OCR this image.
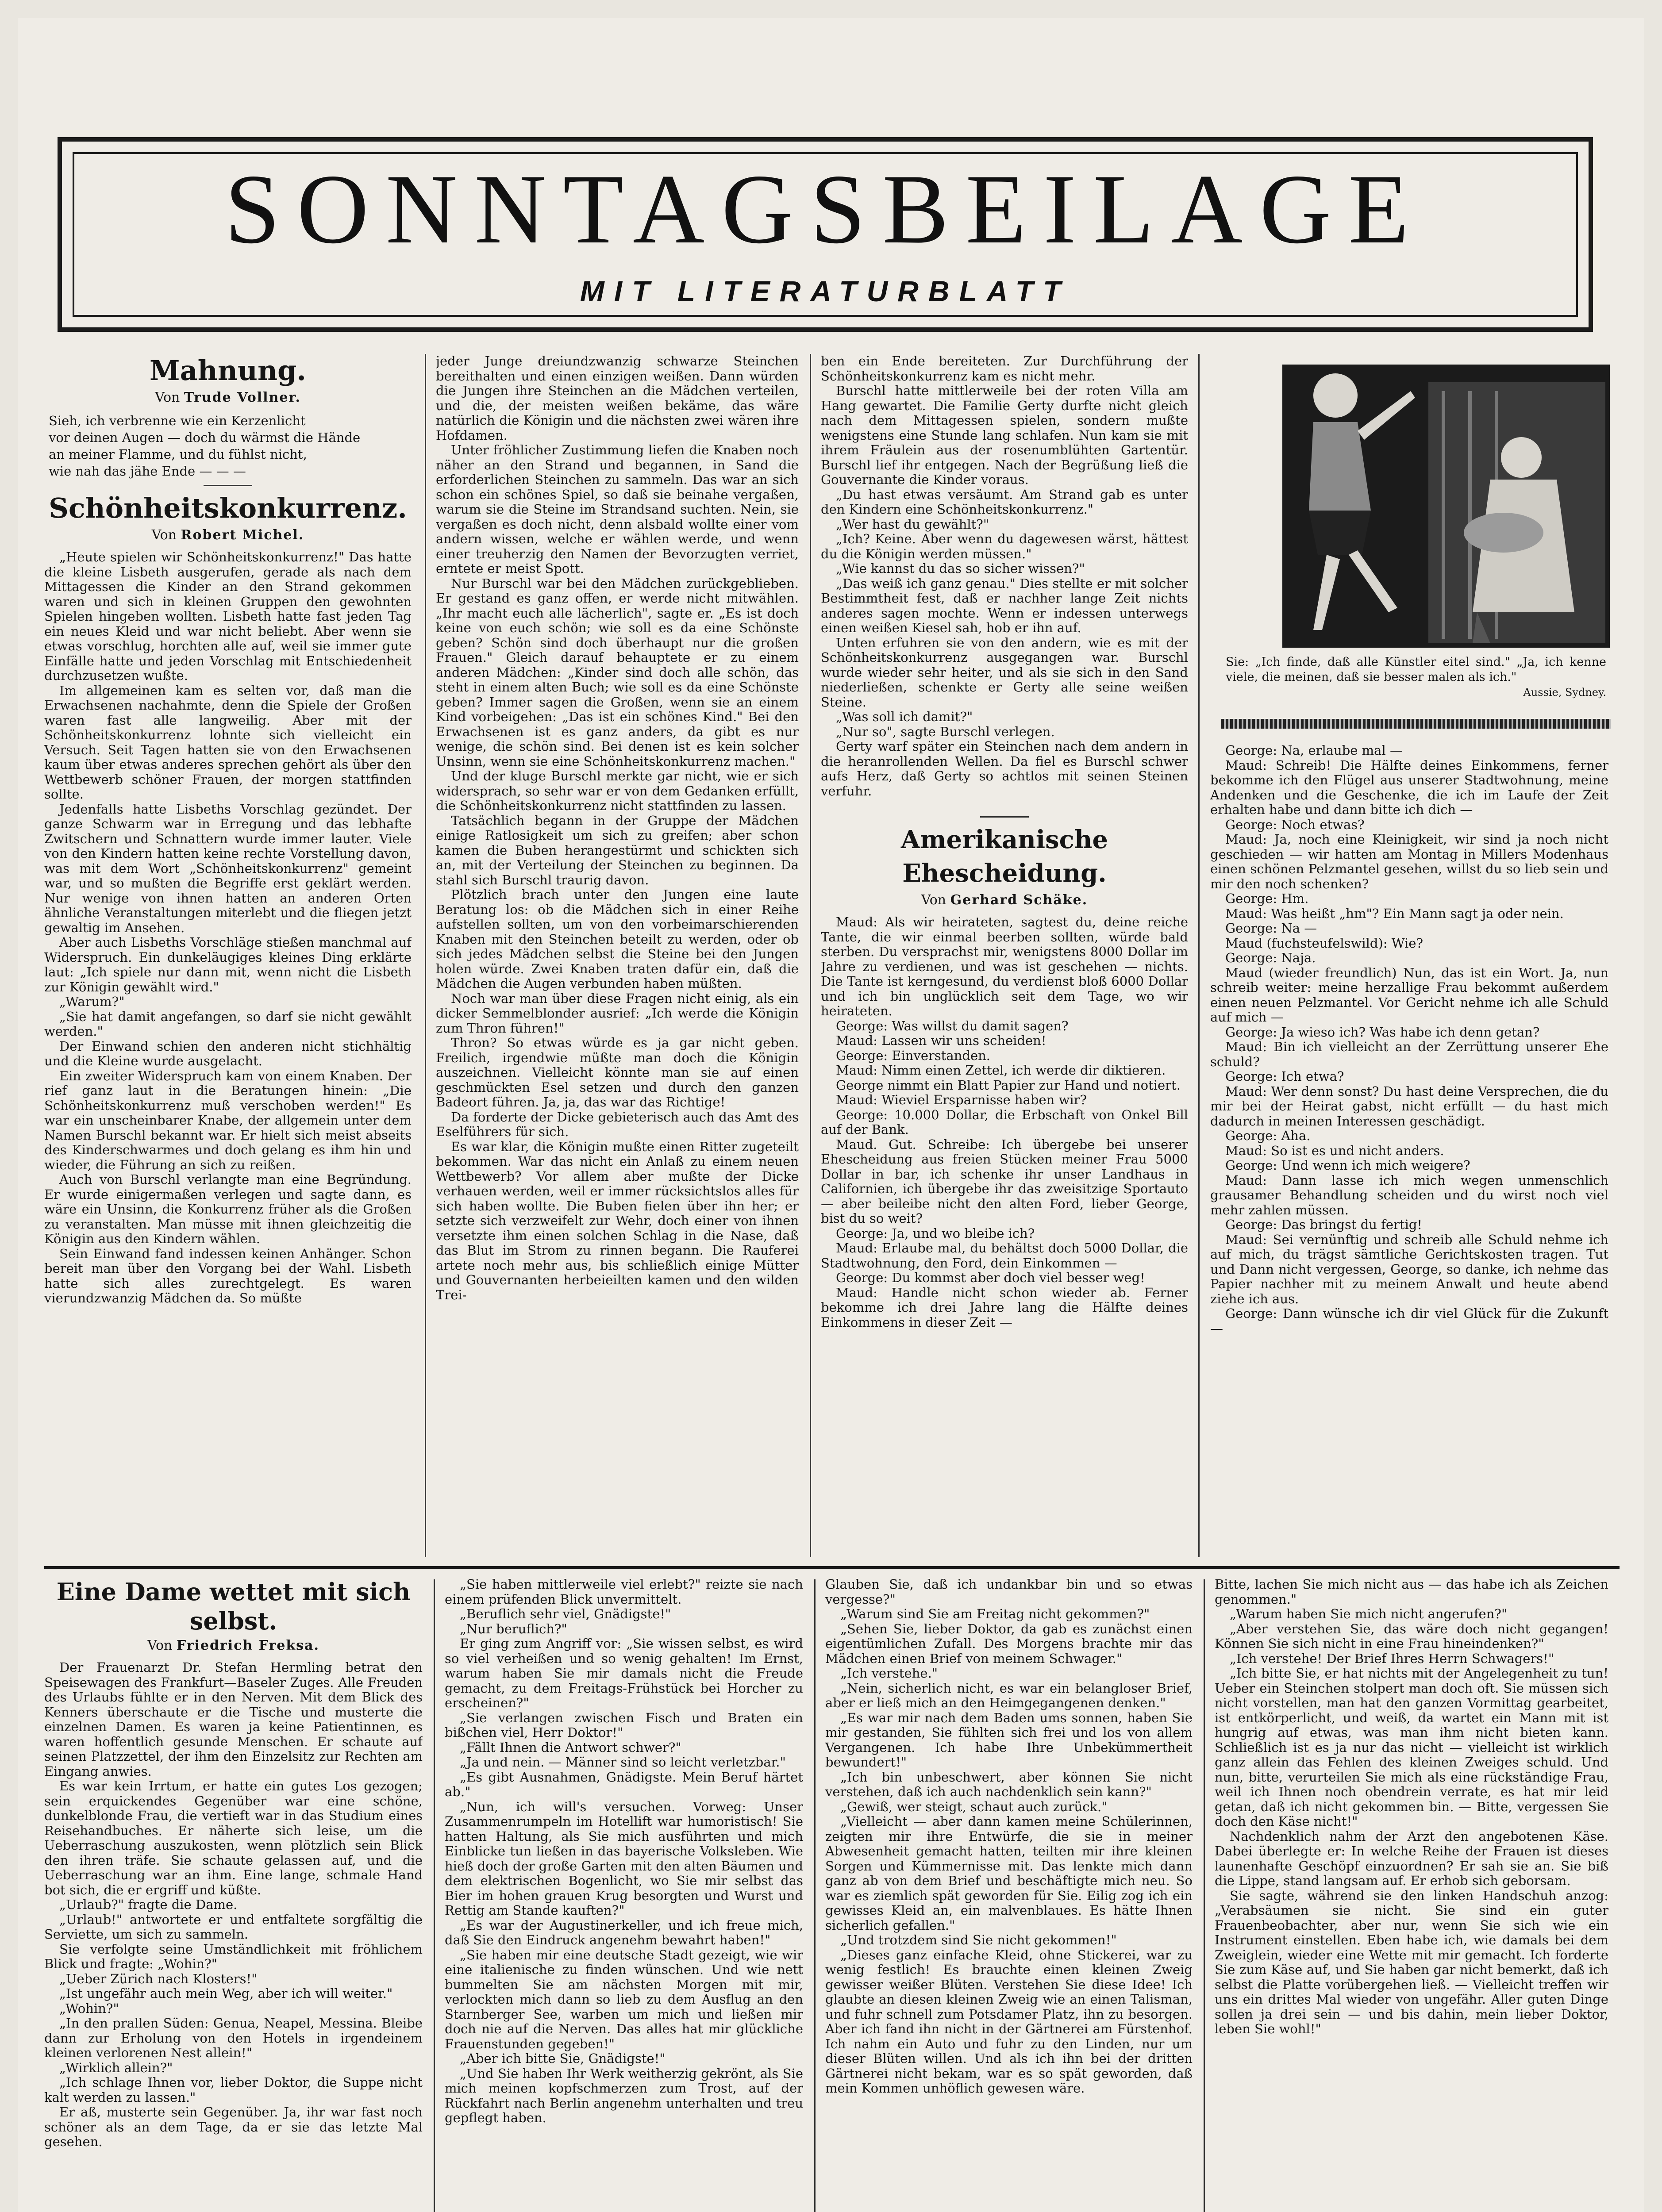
SONNTAGSBEILAGE
MIT LITERATURBLATT
Mahnung.
Von Trude Vollner.
Sieh, ich verbrenne wie ein Kerzenlicht
vor deinen Augen — doch du wärmst die Hände
an meiner Flamme, und du fühlst nicht,
wie nah das jähe Ende — — —
Schönheitskonkurrenz.
Von Robert Michel.

„Heute spielen wir Schönheitskonkurrenz!" Das hatte die kleine Lisbeth ausgerufen, gerade als nach dem Mittagessen die Kinder an den Strand gekommen waren und sich in kleinen Gruppen den gewohnten Spielen hingeben wollten. Lisbeth hatte fast jeden Tag ein neues Kleid und war nicht beliebt. Aber wenn sie etwas vorschlug, horchten alle auf, weil sie immer gute Einfälle hatte und jeden Vorschlag mit Entschiedenheit durchzusetzen wußte.

Im allgemeinen kam es selten vor, daß man die Erwachsenen nachahmte, denn die Spiele der Großen waren fast alle langweilig. Aber mit der Schönheitskonkurrenz lohnte sich vielleicht ein Versuch. Seit Tagen hatten sie von den Erwachsenen kaum über etwas anderes sprechen gehört als über den Wettbewerb schöner Frauen, der morgen stattfinden sollte.

Jedenfalls hatte Lisbeths Vorschlag gezündet. Der ganze Schwarm war in Erregung und das lebhafte Zwitschern und Schnattern wurde immer lauter. Viele von den Kindern hatten keine rechte Vorstellung davon, was mit dem Wort „Schönheitskonkurrenz" gemeint war, und so mußten die Begriffe erst geklärt werden. Nur wenige von ihnen hatten an anderen Orten ähnliche Veranstaltungen miterlebt und die fliegen jetzt gewaltig im Ansehen.

Aber auch Lisbeths Vorschläge stießen manchmal auf Widerspruch. Ein dunkeläugiges kleines Ding erklärte laut: „Ich spiele nur dann mit, wenn nicht die Lisbeth zur Königin gewählt wird."

„Warum?"

„Sie hat damit angefangen, so darf sie nicht gewählt werden."

Der Einwand schien den anderen nicht stichhältig und die Kleine wurde ausgelacht.

Ein zweiter Widerspruch kam von einem Knaben. Der rief ganz laut in die Beratungen hinein: „Die Schönheitskonkurrenz muß verschoben werden!" Es war ein unscheinbarer Knabe, der allgemein unter dem Namen Burschl bekannt war. Er hielt sich meist abseits des Kinderschwarmes und doch gelang es ihm hin und wieder, die Führung an sich zu reißen.

Auch von Burschl verlangte man eine Begründung. Er wurde einigermaßen verlegen und sagte dann, es wäre ein Unsinn, die Konkurrenz früher als die Großen zu veranstalten. Man müsse mit ihnen gleichzeitig die Königin aus den Kindern wählen.

Sein Einwand fand indessen keinen Anhänger. Schon bereit man über den Vorgang bei der Wahl. Lisbeth hatte sich alles zurechtgelegt. Es waren vierundzwanzig Mädchen da. So müßte

jeder Junge dreiundzwanzig schwarze Steinchen bereithalten und einen einzigen weißen. Dann würden die Jungen ihre Steinchen an die Mädchen verteilen, und die, der meisten weißen bekäme, das wäre natürlich die Königin und die nächsten zwei wären ihre Hofdamen.

Unter fröhlicher Zustimmung liefen die Knaben noch näher an den Strand und begannen, in Sand die erforderlichen Steinchen zu sammeln. Das war an sich schon ein schönes Spiel, so daß sie beinahe vergaßen, warum sie die Steine im Strandsand suchten. Nein, sie vergaßen es doch nicht, denn alsbald wollte einer vom andern wissen, welche er wählen werde, und wenn einer treuherzig den Namen der Bevorzugten verriet, erntete er meist Spott.

Nur Burschl war bei den Mädchen zurückgeblieben. Er gestand es ganz offen, er werde nicht mitwählen. „Ihr macht euch alle lächerlich", sagte er. „Es ist doch keine von euch schön; wie soll es da eine Schönste geben? Schön sind doch überhaupt nur die großen Frauen." Gleich darauf behauptete er zu einem anderen Mädchen: „Kinder sind doch alle schön, das steht in einem alten Buch; wie soll es da eine Schönste geben? Immer sagen die Großen, wenn sie an einem Kind vorbeigehen: „Das ist ein schönes Kind." Bei den Erwachsenen ist es ganz anders, da gibt es nur wenige, die schön sind. Bei denen ist es kein solcher Unsinn, wenn sie eine Schönheitskonkurrenz machen."

Und der kluge Burschl merkte gar nicht, wie er sich widersprach, so sehr war er von dem Gedanken erfüllt, die Schönheitskonkurrenz nicht stattfinden zu lassen.

Tatsächlich begann in der Gruppe der Mädchen einige Ratlosigkeit um sich zu greifen; aber schon kamen die Buben herangestürmt und schickten sich an, mit der Verteilung der Steinchen zu beginnen. Da stahl sich Burschl traurig davon.

Plötzlich brach unter den Jungen eine laute Beratung los: ob die Mädchen sich in einer Reihe aufstellen sollten, um von den vorbeimarschierenden Knaben mit den Steinchen beteilt zu werden, oder ob sich jedes Mädchen selbst die Steine bei den Jungen holen würde. Zwei Knaben traten dafür ein, daß die Mädchen die Augen verbunden haben müßten.

Noch war man über diese Fragen nicht einig, als ein dicker Semmelblonder ausrief: „Ich werde die Königin zum Thron führen!"

Thron? So etwas würde es ja gar nicht geben. Freilich, irgendwie müßte man doch die Königin auszeichnen. Vielleicht könnte man sie auf einen geschmückten Esel setzen und durch den ganzen Badeort führen. Ja, ja, das war das Richtige!

Da forderte der Dicke gebieterisch auch das Amt des Eselführers für sich.

Es war klar, die Königin mußte einen Ritter zugeteilt bekommen. War das nicht ein Anlaß zu einem neuen Wettbewerb? Vor allem aber mußte der Dicke verhauen werden, weil er immer rücksichtslos alles für sich haben wollte. Die Buben fielen über ihn her; er setzte sich verzweifelt zur Wehr, doch einer von ihnen versetzte ihm einen solchen Schlag in die Nase, daß das Blut im Strom zu rinnen begann. Die Rauferei artete noch mehr aus, bis schließlich einige Mütter und Gouvernanten herbeieilten kamen und den wilden Trei-

ben ein Ende bereiteten. Zur Durchführung der Schönheitskonkurrenz kam es nicht mehr.

Burschl hatte mittlerweile bei der roten Villa am Hang gewartet. Die Familie Gerty durfte nicht gleich nach dem Mittagessen spielen, sondern mußte wenigstens eine Stunde lang schlafen. Nun kam sie mit ihrem Fräulein aus der rosenumblühten Gartentür. Burschl lief ihr entgegen. Nach der Begrüßung ließ die Gouvernante die Kinder voraus.

„Du hast etwas versäumt. Am Strand gab es unter den Kindern eine Schönheitskonkurrenz."

„Wer hast du gewählt?"

„Ich? Keine. Aber wenn du dagewesen wärst, hättest du die Königin werden müssen."

„Wie kannst du das so sicher wissen?"

„Das weiß ich ganz genau." Dies stellte er mit solcher Bestimmtheit fest, daß er nachher lange Zeit nichts anderes sagen mochte. Wenn er indessen unterwegs einen weißen Kiesel sah, hob er ihn auf.

Unten erfuhren sie von den andern, wie es mit der Schönheitskonkurrenz ausgegangen war. Burschl wurde wieder sehr heiter, und als sie sich in den Sand niederließen, schenkte er Gerty alle seine weißen Steine.

„Was soll ich damit?"

„Nur so", sagte Burschl verlegen.

Gerty warf später ein Steinchen nach dem andern in die heranrollenden Wellen. Da fiel es Burschl schwer aufs Herz, daß Gerty so achtlos mit seinen Steinen verfuhr.

Amerikanische Ehescheidung.
Von Gerhard Schäke.

Maud: Als wir heirateten, sagtest du, deine reiche Tante, die wir einmal beerben sollten, würde bald sterben. Du versprachst mir, wenigstens 8000 Dollar im Jahre zu verdienen, und was ist geschehen — nichts. Die Tante ist kerngesund, du verdienst bloß 6000 Dollar und ich bin unglücklich seit dem Tage, wo wir heirateten.

George: Was willst du damit sagen?

Maud: Lassen wir uns scheiden!

George: Einverstanden.

Maud: Nimm einen Zettel, ich werde dir diktieren.

George nimmt ein Blatt Papier zur Hand und notiert.

Maud: Wieviel Ersparnisse haben wir?

George: 10.000 Dollar, die Erbschaft von Onkel Bill auf der Bank.

Maud. Gut. Schreibe: Ich übergebe bei unserer Ehescheidung aus freien Stücken meiner Frau 5000 Dollar in bar, ich schenke ihr unser Landhaus in Californien, ich übergebe ihr das zweisitzige Sportauto — aber beileibe nicht den alten Ford, lieber George, bist du so weit?

George: Ja, und wo bleibe ich?

Maud: Erlaube mal, du behältst doch 5000 Dollar, die Stadtwohnung, den Ford, dein Einkommen —

George: Du kommst aber doch viel besser weg!

Maud: Handle nicht schon wieder ab. Ferner bekomme ich drei Jahre lang die Hälfte deines Einkommens in dieser Zeit —

Sie: „Ich finde, daß alle Künstler eitel sind." „Ja, ich kenne viele, die meinen, daß sie besser malen als ich."
Aussie, Sydney.

George: Na, erlaube mal —

Maud: Schreib! Die Hälfte deines Einkommens, ferner bekomme ich den Flügel aus unserer Stadtwohnung, meine Andenken und die Geschenke, die ich im Laufe der Zeit erhalten habe und dann bitte ich dich —

George: Noch etwas?

Maud: Ja, noch eine Kleinigkeit, wir sind ja noch nicht geschieden — wir hatten am Montag in Millers Modenhaus einen schönen Pelzmantel gesehen, willst du so lieb sein und mir den noch schenken?

George: Hm.

Maud: Was heißt „hm"? Ein Mann sagt ja oder nein.

George: Na —

Maud (fuchsteufelswild): Wie?

George: Naja.

Maud (wieder freundlich) Nun, das ist ein Wort. Ja, nun schreib weiter: meine herzallige Frau bekommt außerdem einen neuen Pelzmantel. Vor Gericht nehme ich alle Schuld auf mich —

George: Ja wieso ich? Was habe ich denn getan?

Maud: Bin ich vielleicht an der Zerrüttung unserer Ehe schuld?

George: Ich etwa?

Maud: Wer denn sonst? Du hast deine Versprechen, die du mir bei der Heirat gabst, nicht erfüllt — du hast mich dadurch in meinen Interessen geschädigt.

George: Aha.

Maud: So ist es und nicht anders.

George: Und wenn ich mich weigere?

Maud: Dann lasse ich mich wegen unmenschlich grausamer Behandlung scheiden und du wirst noch viel mehr zahlen müssen.

George: Das bringst du fertig!

Maud: Sei vernünftig und schreib alle Schuld nehme ich auf mich, du trägst sämtliche Gerichtskosten tragen. Tut und Dann nicht vergessen, George, so danke, ich nehme das Papier nachher mit zu meinem Anwalt und heute abend ziehe ich aus.

George: Dann wünsche ich dir viel Glück für die Zukunft —

Eine Dame wettet mit sich selbst.
Von Friedrich Freksa.

Der Frauenarzt Dr. Stefan Hermling betrat den Speisewagen des Frankfurt—Baseler Zuges. Alle Freuden des Urlaubs fühlte er in den Nerven. Mit dem Blick des Kenners überschaute er die Tische und musterte die einzelnen Damen. Es waren ja keine Patientinnen, es waren hoffentlich gesunde Menschen. Er schaute auf seinen Platzzettel, der ihm den Einzelsitz zur Rechten am Eingang anwies.

Es war kein Irrtum, er hatte ein gutes Los gezogen; sein erquickendes Gegenüber war eine schöne, dunkelblonde Frau, die vertieft war in das Studium eines Reisehandbuches. Er näherte sich leise, um die Ueberraschung auszukosten, wenn plötzlich sein Blick den ihren träfe. Sie schaute gelassen auf, und die Ueberraschung war an ihm. Eine lange, schmale Hand bot sich, die er ergriff und küßte.

„Urlaub?" fragte die Dame.

„Urlaub!" antwortete er und entfaltete sorgfältig die Serviette, um sich zu sammeln.

Sie verfolgte seine Umständlichkeit mit fröhlichem Blick und fragte: „Wohin?"

„Ueber Zürich nach Klosters!"

„Ist ungefähr auch mein Weg, aber ich will weiter."

„Wohin?"

„In den prallen Süden: Genua, Neapel, Messina. Bleibe dann zur Erholung von den Hotels in irgendeinem kleinen verlorenen Nest allein!"

„Wirklich allein?"

„Ich schlage Ihnen vor, lieber Doktor, die Suppe nicht kalt werden zu lassen."

Er aß, musterte sein Gegenüber. Ja, ihr war fast noch schöner als an dem Tage, da er sie das letzte Mal gesehen.

„Sie haben mittlerweile viel erlebt?" reizte sie nach einem prüfenden Blick unvermittelt.

„Beruflich sehr viel, Gnädigste!"

„Nur beruflich?"

Er ging zum Angriff vor: „Sie wissen selbst, es wird so viel verheißen und so wenig gehalten! Im Ernst, warum haben Sie mir damals nicht die Freude gemacht, zu dem Freitags-Frühstück bei Horcher zu erscheinen?"

„Sie verlangen zwischen Fisch und Braten ein bißchen viel, Herr Doktor!"

„Fällt Ihnen die Antwort schwer?"

„Ja und nein. — Männer sind so leicht verletzbar."

„Es gibt Ausnahmen, Gnädigste. Mein Beruf härtet ab."

„Nun, ich will's versuchen. Vorweg: Unser Zusammenrumpeln im Hotellift war humoristisch! Sie hatten Haltung, als Sie mich ausführten und mich Einblicke tun ließen in das bayerische Volksleben. Wie hieß doch der große Garten mit den alten Bäumen und dem elektrischen Bogenlicht, wo Sie mir selbst das Bier im hohen grauen Krug besorgten und Wurst und Rettig am Stande kauften?"

„Es war der Augustinerkeller, und ich freue mich, daß Sie den Eindruck angenehm bewahrt haben!"

„Sie haben mir eine deutsche Stadt gezeigt, wie wir eine italienische zu finden wünschen. Und wie nett bummelten Sie am nächsten Morgen mit mir, verlockten mich dann so lieb zu dem Ausflug an den Starnberger See, warben um mich und ließen mir doch nie auf die Nerven. Das alles hat mir glückliche Frauenstunden gegeben!"

„Aber ich bitte Sie, Gnädigste!"

„Und Sie haben Ihr Werk weitherzig gekrönt, als Sie mich meinen kopfschmerzen zum Trost, auf der Rückfahrt nach Berlin angenehm unterhalten und treu gepflegt haben.

Glauben Sie, daß ich undankbar bin und so etwas vergesse?"

„Warum sind Sie am Freitag nicht gekommen?"

„Sehen Sie, lieber Doktor, da gab es zunächst einen eigentümlichen Zufall. Des Morgens brachte mir das Mädchen einen Brief von meinem Schwager."

„Ich verstehe."

„Nein, sicherlich nicht, es war ein belangloser Brief, aber er ließ mich an den Heimgegangenen denken."

„Es war mir nach dem Baden ums sonnen, haben Sie mir gestanden, Sie fühlten sich frei und los von allem Vergangenen. Ich habe Ihre Unbekümmertheit bewundert!"

„Ich bin unbeschwert, aber können Sie nicht verstehen, daß ich auch nachdenklich sein kann?"

„Gewiß, wer steigt, schaut auch zurück."

„Vielleicht — aber dann kamen meine Schülerinnen, zeigten mir ihre Entwürfe, die sie in meiner Abwesenheit gemacht hatten, teilten mir ihre kleinen Sorgen und Kümmernisse mit. Das lenkte mich dann ganz ab von dem Brief und beschäftigte mich neu. So war es ziemlich spät geworden für Sie. Eilig zog ich ein gewisses Kleid an, ein malvenblaues. Es hätte Ihnen sicherlich gefallen."

„Und trotzdem sind Sie nicht gekommen!"

„Dieses ganz einfache Kleid, ohne Stickerei, war zu wenig festlich! Es brauchte einen kleinen Zweig gewisser weißer Blüten. Verstehen Sie diese Idee! Ich glaubte an diesen kleinen Zweig wie an einen Talisman, und fuhr schnell zum Potsdamer Platz, ihn zu besorgen. Aber ich fand ihn nicht in der Gärtnerei am Fürstenhof. Ich nahm ein Auto und fuhr zu den Linden, nur um dieser Blüten willen. Und als ich ihn bei der dritten Gärtnerei nicht bekam, war es so spät geworden, daß mein Kommen unhöflich gewesen wäre.

Bitte, lachen Sie mich nicht aus — das habe ich als Zeichen genommen."

„Warum haben Sie mich nicht angerufen?"

„Aber verstehen Sie, das wäre doch nicht gegangen! Können Sie sich nicht in eine Frau hineindenken?"

„Ich verstehe! Der Brief Ihres Herrn Schwagers!"

„Ich bitte Sie, er hat nichts mit der Angelegenheit zu tun! Ueber ein Steinchen stolpert man doch oft. Sie müssen sich nicht vorstellen, man hat den ganzen Vormittag gearbeitet, ist entkörperlicht, und weiß, da wartet ein Mann mit ist hungrig auf etwas, was man ihm nicht bieten kann. Schließlich ist es ja nur das nicht — vielleicht ist wirklich ganz allein das Fehlen des kleinen Zweiges schuld. Und nun, bitte, verurteilen Sie mich als eine rückständige Frau, weil ich Ihnen noch obendrein verrate, es hat mir leid getan, daß ich nicht gekommen bin. — Bitte, vergessen Sie doch den Käse nicht!"

Nachdenklich nahm der Arzt den angebotenen Käse. Dabei überlegte er: In welche Reihe der Frauen ist dieses launenhafte Geschöpf einzuordnen? Er sah sie an. Sie biß die Lippe, stand langsam auf. Er erhob sich geborsam.

Sie sagte, während sie den linken Handschuh anzog: „Verabsäumen sie nicht. Sie sind ein guter Frauenbeobachter, aber nur, wenn Sie sich wie ein Instrument einstellen. Eben habe ich, wie damals bei dem Zweiglein, wieder eine Wette mit mir gemacht. Ich forderte Sie zum Käse auf, und Sie haben gar nicht bemerkt, daß ich selbst die Platte vorübergehen ließ. — Vielleicht treffen wir uns ein drittes Mal wieder von ungefähr. Aller guten Dinge sollen ja drei sein — und bis dahin, mein lieber Doktor, leben Sie wohl!"
